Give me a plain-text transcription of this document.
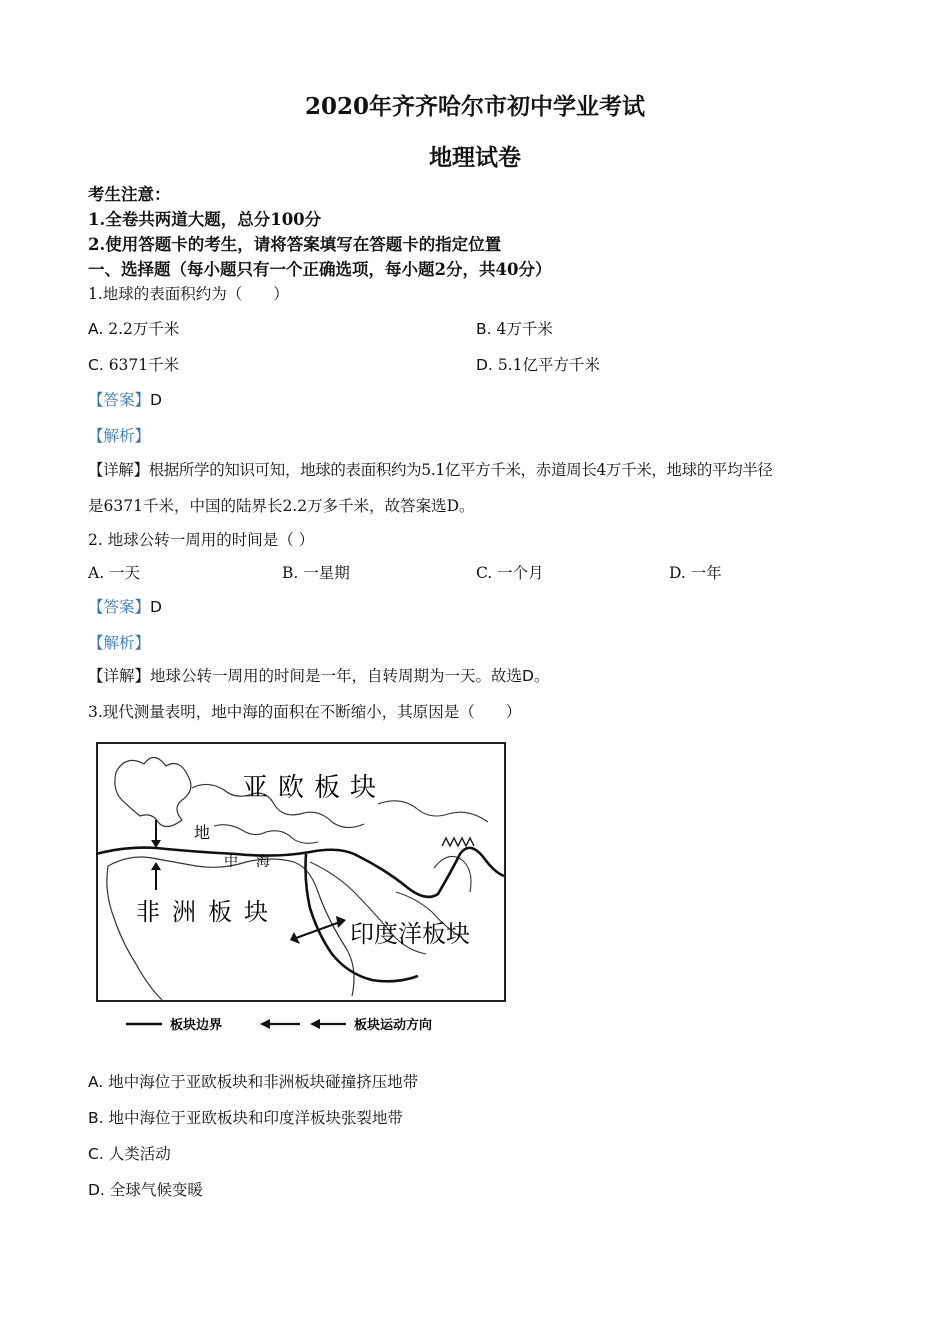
2020年齐齐哈尔市初中学业考试
地理试卷
考生注意：
1.全卷共两道大题，总分100分
2.使用答题卡的考生，请将答案填写在答题卡的指定位置
一、选择题（每小题只有一个正确选项，每小题2分，共40分）
1.地球的表面积约为（　　）
A. 2.2万千米	B. 4万千米
C. 6371千米	D. 5.1亿平方千米
【答案】D
【解析】
【详解】根据所学的知识可知，地球的表面积约为5.1亿平方千米，赤道周长4万千米，地球的平均半径
是6371千米，中国的陆界长2.2万多千米，故答案选D。
2. 地球公转一周用的时间是（ ）
A. 一天	B. 一星期	C. 一个月	D. 一年
【答案】D
【解析】
【详解】地球公转一周用的时间是一年，自转周期为一天。故选D。
3.现代测量表明，地中海的面积在不断缩小，其原因是（　　）
亚欧板块
地
中 海
非洲板块
印度洋板块
板块边界	板块运动方向
A. 地中海位于亚欧板块和非洲板块碰撞挤压地带
B. 地中海位于亚欧板块和印度洋板块张裂地带
C. 人类活动
D. 全球气候变暖
